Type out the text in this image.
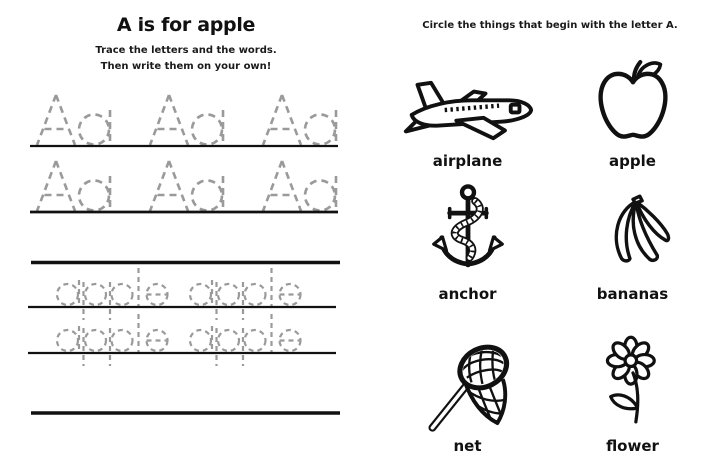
A is for apple

Trace the letters and the words.

Then write them on your own!

Circle the things that begin with the letter A.

airplane	apple
anchor	bananas
net	flower
